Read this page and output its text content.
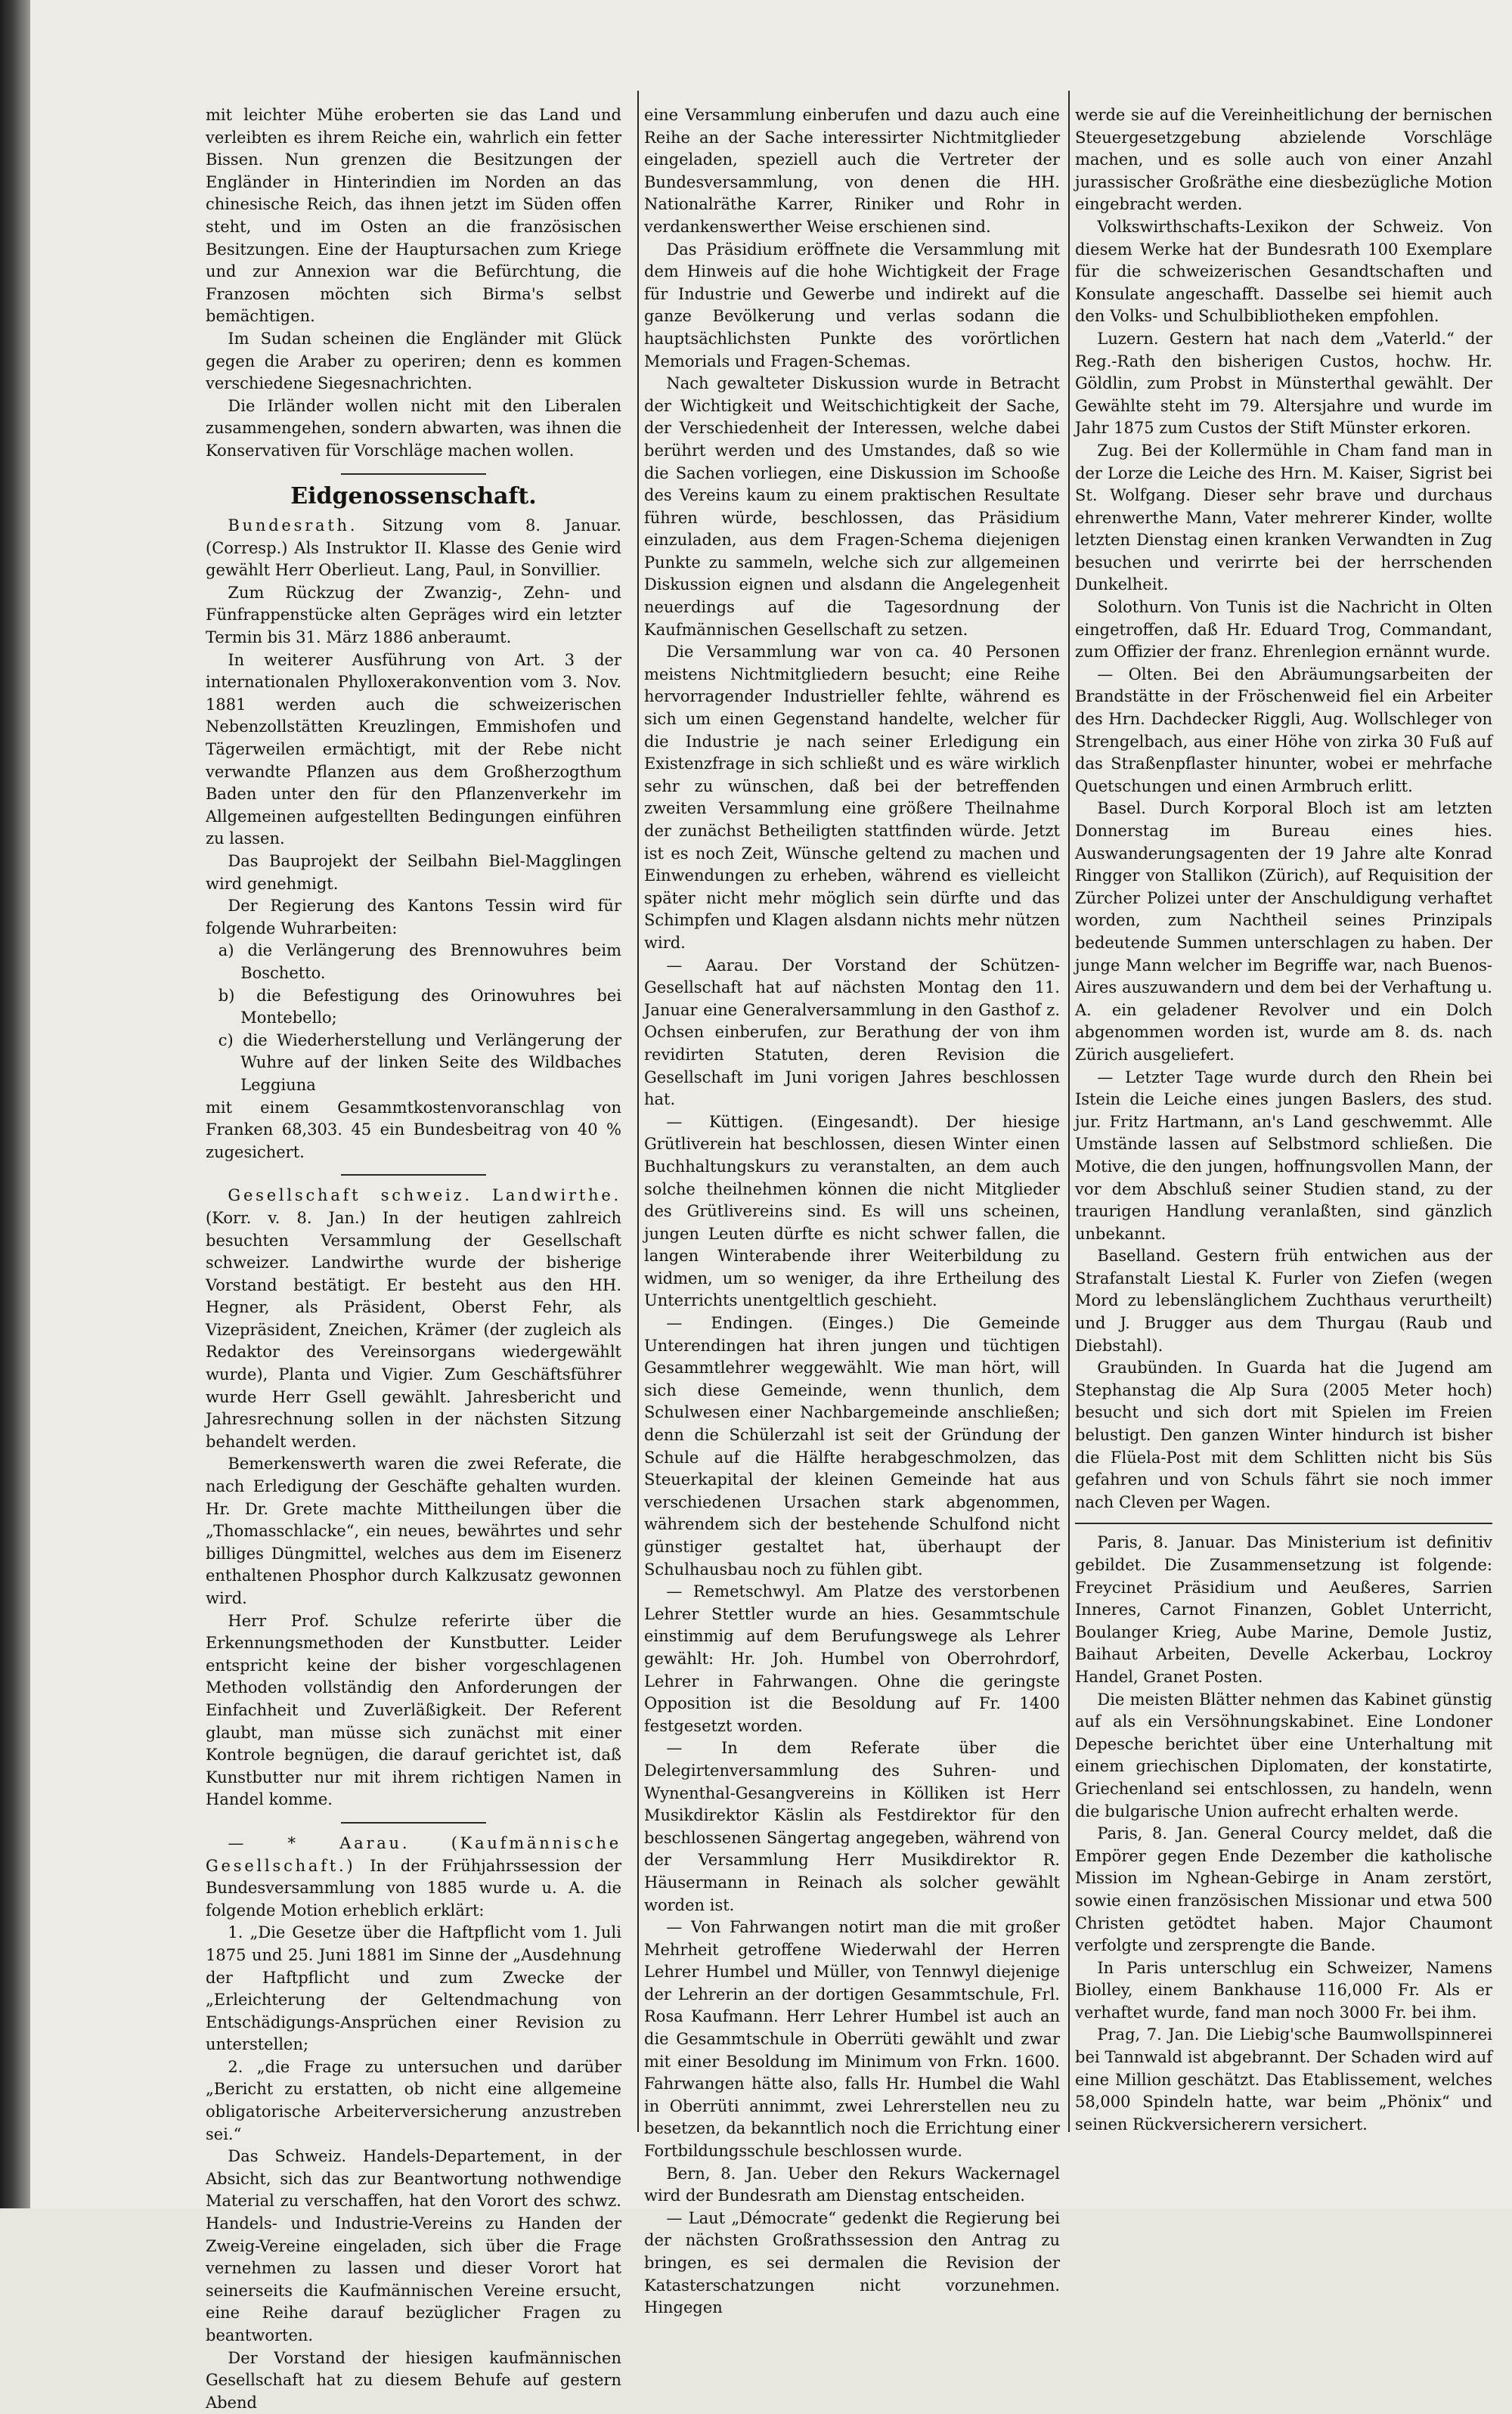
mit leichter Mühe eroberten sie das Land und verleibten es ihrem Reiche ein, wahrlich ein fetter Bissen. Nun grenzen die Besitzungen der Engländer in Hinterindien im Norden an das chinesische Reich, das ihnen jetzt im Süden offen steht, und im Osten an die französischen Besitzungen. Eine der Hauptursachen zum Kriege und zur Annexion war die Befürchtung, die Franzosen möchten sich Birma's selbst bemächtigen.

Im Sudan scheinen die Engländer mit Glück gegen die Araber zu operiren; denn es kommen verschiedene Siegesnachrichten.

Die Irländer wollen nicht mit den Liberalen zusammengehen, sondern abwarten, was ihnen die Konservativen für Vorschläge machen wollen.

Eidgenossenschaft.

Bundesrath. Sitzung vom 8. Januar. (Corresp.) Als Instruktor II. Klasse des Genie wird gewählt Herr Oberlieut. Lang, Paul, in Sonvillier.

Zum Rückzug der Zwanzig-, Zehn- und Fünfrappenstücke alten Gepräges wird ein letzter Termin bis 31. März 1886 anberaumt.

In weiterer Ausführung von Art. 3 der internationalen Phylloxerakonvention vom 3. Nov. 1881 werden auch die schweizerischen Nebenzollstätten Kreuzlingen, Emmishofen und Tägerweilen ermächtigt, mit der Rebe nicht verwandte Pflanzen aus dem Großherzogthum Baden unter den für den Pflanzenverkehr im Allgemeinen aufgestellten Bedingungen einführen zu lassen.

Das Bauprojekt der Seilbahn Biel-Magglingen wird genehmigt.

Der Regierung des Kantons Tessin wird für folgende Wuhrarbeiten:

a) die Verlängerung des Brennowuhres beim Boschetto.

b) die Befestigung des Orinowuhres bei Montebello;

c) die Wiederherstellung und Verlängerung der Wuhre auf der linken Seite des Wildbaches Leggiuna

mit einem Gesammtkostenvoranschlag von Franken 68,303. 45 ein Bundesbeitrag von 40 % zugesichert.

Gesellschaft schweiz. Landwirthe. (Korr. v. 8. Jan.) In der heutigen zahlreich besuchten Versammlung der Gesellschaft schweizer. Landwirthe wurde der bisherige Vorstand bestätigt. Er besteht aus den HH. Hegner, als Präsident, Oberst Fehr, als Vizepräsident, Zneichen, Krämer (der zugleich als Redaktor des Vereinsorgans wiedergewählt wurde), Planta und Vigier. Zum Geschäftsführer wurde Herr Gsell gewählt. Jahresbericht und Jahresrechnung sollen in der nächsten Sitzung behandelt werden.

Bemerkenswerth waren die zwei Referate, die nach Erledigung der Geschäfte gehalten wurden. Hr. Dr. Grete machte Mittheilungen über die „Thomasschlacke“, ein neues, bewährtes und sehr billiges Düngmittel, welches aus dem im Eisenerz enthaltenen Phosphor durch Kalkzusatz gewonnen wird.

Herr Prof. Schulze referirte über die Erkennungsmethoden der Kunstbutter. Leider entspricht keine der bisher vorgeschlagenen Methoden vollständig den Anforderungen der Einfachheit und Zuverläßigkeit. Der Referent glaubt, man müsse sich zunächst mit einer Kontrole begnügen, die darauf gerichtet ist, daß Kunstbutter nur mit ihrem richtigen Namen in Handel komme.

— * Aarau. (Kaufmännische Gesellschaft.) In der Frühjahrssession der Bundesversammlung von 1885 wurde u. A. die folgende Motion erheblich erklärt:

1. „Die Gesetze über die Haftpflicht vom 1. Juli 1875 und 25. Juni 1881 im Sinne der „Ausdehnung der Haftpflicht und zum Zwecke der „Erleichterung der Geltendmachung von Entschädigungs-Ansprüchen einer Revision zu unterstellen;

2. „die Frage zu untersuchen und darüber „Bericht zu erstatten, ob nicht eine allgemeine obligatorische Arbeiterversicherung anzustreben sei.“

Das Schweiz. Handels-Departement, in der Absicht, sich das zur Beantwortung nothwendige Material zu verschaffen, hat den Vorort des schwz. Handels- und Industrie-Vereins zu Handen der Zweig-Vereine eingeladen, sich über die Frage vernehmen zu lassen und dieser Vorort hat seinerseits die Kaufmännischen Vereine ersucht, eine Reihe darauf bezüglicher Fragen zu beantworten.

Der Vorstand der hiesigen kaufmännischen Gesellschaft hat zu diesem Behufe auf gestern Abend

eine Versammlung einberufen und dazu auch eine Reihe an der Sache interessirter Nichtmitglieder eingeladen, speziell auch die Vertreter der Bundesversammlung, von denen die HH. Nationalräthe Karrer, Riniker und Rohr in verdankenswerther Weise erschienen sind.

Das Präsidium eröffnete die Versammlung mit dem Hinweis auf die hohe Wichtigkeit der Frage für Industrie und Gewerbe und indirekt auf die ganze Bevölkerung und verlas sodann die hauptsächlichsten Punkte des vorörtlichen Memorials und Fragen-Schemas.

Nach gewalteter Diskussion wurde in Betracht der Wichtigkeit und Weitschichtigkeit der Sache, der Verschiedenheit der Interessen, welche dabei berührt werden und des Umstandes, daß so wie die Sachen vorliegen, eine Diskussion im Schooße des Vereins kaum zu einem praktischen Resultate führen würde, beschlossen, das Präsidium einzuladen, aus dem Fragen-Schema diejenigen Punkte zu sammeln, welche sich zur allgemeinen Diskussion eignen und alsdann die Angelegenheit neuerdings auf die Tagesordnung der Kaufmännischen Gesellschaft zu setzen.

Die Versammlung war von ca. 40 Personen meistens Nichtmitgliedern besucht; eine Reihe hervorragender Industrieller fehlte, während es sich um einen Gegenstand handelte, welcher für die Industrie je nach seiner Erledigung ein Existenzfrage in sich schließt und es wäre wirklich sehr zu wünschen, daß bei der betreffenden zweiten Versammlung eine größere Theilnahme der zunächst Betheiligten stattfinden würde. Jetzt ist es noch Zeit, Wünsche geltend zu machen und Einwendungen zu erheben, während es vielleicht später nicht mehr möglich sein dürfte und das Schimpfen und Klagen alsdann nichts mehr nützen wird.

— Aarau. Der Vorstand der Schützen-Gesellschaft hat auf nächsten Montag den 11. Januar eine Generalversammlung in den Gasthof z. Ochsen einberufen, zur Berathung der von ihm revidirten Statuten, deren Revision die Gesellschaft im Juni vorigen Jahres beschlossen hat.

— Küttigen. (Eingesandt). Der hiesige Grütliverein hat beschlossen, diesen Winter einen Buchhaltungskurs zu veranstalten, an dem auch solche theilnehmen können die nicht Mitglieder des Grütlivereins sind. Es will uns scheinen, jungen Leuten dürfte es nicht schwer fallen, die langen Winterabende ihrer Weiterbildung zu widmen, um so weniger, da ihre Ertheilung des Unterrichts unentgeltlich geschieht.

— Endingen. (Einges.) Die Gemeinde Unterendingen hat ihren jungen und tüchtigen Gesammtlehrer weggewählt. Wie man hört, will sich diese Gemeinde, wenn thunlich, dem Schulwesen einer Nachbargemeinde anschließen; denn die Schülerzahl ist seit der Gründung der Schule auf die Hälfte herabgeschmolzen, das Steuerkapital der kleinen Gemeinde hat aus verschiedenen Ursachen stark abgenommen, währendem sich der bestehende Schulfond nicht günstiger gestaltet hat, überhaupt der Schulhausbau noch zu fühlen gibt.

— Remetschwyl. Am Platze des verstorbenen Lehrer Stettler wurde an hies. Gesammtschule einstimmig auf dem Berufungswege als Lehrer gewählt: Hr. Joh. Humbel von Oberrohrdorf, Lehrer in Fahrwangen. Ohne die geringste Opposition ist die Besoldung auf Fr. 1400 festgesetzt worden.

— In dem Referate über die Delegirtenversammlung des Suhren- und Wynenthal-Gesangvereins in Kölliken ist Herr Musikdirektor Käslin als Festdirektor für den beschlossenen Sängertag angegeben, während von der Versammlung Herr Musikdirektor R. Häusermann in Reinach als solcher gewählt worden ist.

— Von Fahrwangen notirt man die mit großer Mehrheit getroffene Wiederwahl der Herren Lehrer Humbel und Müller, von Tennwyl diejenige der Lehrerin an der dortigen Gesammtschule, Frl. Rosa Kaufmann. Herr Lehrer Humbel ist auch an die Gesammtschule in Oberrüti gewählt und zwar mit einer Besoldung im Minimum von Frkn. 1600. Fahrwangen hätte also, falls Hr. Humbel die Wahl in Oberrüti annimmt, zwei Lehrerstellen neu zu besetzen, da bekanntlich noch die Errichtung einer Fortbildungsschule beschlossen wurde.

Bern, 8. Jan. Ueber den Rekurs Wackernagel wird der Bundesrath am Dienstag entscheiden.

— Laut „Démocrate“ gedenkt die Regierung bei der nächsten Großrathssession den Antrag zu bringen, es sei dermalen die Revision der Katasterschatzungen nicht vorzunehmen. Hingegen

werde sie auf die Vereinheitlichung der bernischen Steuergesetzgebung abzielende Vorschläge machen, und es solle auch von einer Anzahl jurassischer Großräthe eine diesbezügliche Motion eingebracht werden.

Volkswirthschafts-Lexikon der Schweiz. Von diesem Werke hat der Bundesrath 100 Exemplare für die schweizerischen Gesandtschaften und Konsulate angeschafft. Dasselbe sei hiemit auch den Volks- und Schulbibliotheken empfohlen.

Luzern. Gestern hat nach dem „Vaterld.“ der Reg.-Rath den bisherigen Custos, hochw. Hr. Göldlin, zum Probst in Münsterthal gewählt. Der Gewählte steht im 79. Altersjahre und wurde im Jahr 1875 zum Custos der Stift Münster erkoren.

Zug. Bei der Kollermühle in Cham fand man in der Lorze die Leiche des Hrn. M. Kaiser, Sigrist bei St. Wolfgang. Dieser sehr brave und durchaus ehrenwerthe Mann, Vater mehrerer Kinder, wollte letzten Dienstag einen kranken Verwandten in Zug besuchen und verirrte bei der herrschenden Dunkelheit.

Solothurn. Von Tunis ist die Nachricht in Olten eingetroffen, daß Hr. Eduard Trog, Commandant, zum Offizier der franz. Ehrenlegion ernännt wurde.

— Olten. Bei den Abräumungsarbeiten der Brandstätte in der Fröschenweid fiel ein Arbeiter des Hrn. Dachdecker Riggli, Aug. Wollschleger von Strengelbach, aus einer Höhe von zirka 30 Fuß auf das Straßenpflaster hinunter, wobei er mehrfache Quetschungen und einen Armbruch erlitt.

Basel. Durch Korporal Bloch ist am letzten Donnerstag im Bureau eines hies. Auswanderungsagenten der 19 Jahre alte Konrad Ringger von Stallikon (Zürich), auf Requisition der Zürcher Polizei unter der Anschuldigung verhaftet worden, zum Nachtheil seines Prinzipals bedeutende Summen unterschlagen zu haben. Der junge Mann welcher im Begriffe war, nach Buenos-Aires auszuwandern und dem bei der Verhaftung u. A. ein geladener Revolver und ein Dolch abgenommen worden ist, wurde am 8. ds. nach Zürich ausgeliefert.

— Letzter Tage wurde durch den Rhein bei Istein die Leiche eines jungen Baslers, des stud. jur. Fritz Hartmann, an's Land geschwemmt. Alle Umstände lassen auf Selbstmord schließen. Die Motive, die den jungen, hoffnungsvollen Mann, der vor dem Abschluß seiner Studien stand, zu der traurigen Handlung veranlaßten, sind gänzlich unbekannt.

Baselland. Gestern früh entwichen aus der Strafanstalt Liestal K. Furler von Ziefen (wegen Mord zu lebenslänglichem Zuchthaus verurtheilt) und J. Brugger aus dem Thurgau (Raub und Diebstahl).

Graubünden. In Guarda hat die Jugend am Stephanstag die Alp Sura (2005 Meter hoch) besucht und sich dort mit Spielen im Freien belustigt. Den ganzen Winter hindurch ist bisher die Flüela-Post mit dem Schlitten nicht bis Süs gefahren und von Schuls fährt sie noch immer nach Cleven per Wagen.

Paris, 8. Januar. Das Ministerium ist definitiv gebildet. Die Zusammensetzung ist folgende: Freycinet Präsidium und Aeußeres, Sarrien Inneres, Carnot Finanzen, Goblet Unterricht, Boulanger Krieg, Aube Marine, Demole Justiz, Baihaut Arbeiten, Develle Ackerbau, Lockroy Handel, Granet Posten.

Die meisten Blätter nehmen das Kabinet günstig auf als ein Versöhnungskabinet. Eine Londoner Depesche berichtet über eine Unterhaltung mit einem griechischen Diplomaten, der konstatirte, Griechenland sei entschlossen, zu handeln, wenn die bulgarische Union aufrecht erhalten werde.

Paris, 8. Jan. General Courcy meldet, daß die Empörer gegen Ende Dezember die katholische Mission im Nghean-Gebirge in Anam zerstört, sowie einen französischen Missionar und etwa 500 Christen getödtet haben. Major Chaumont verfolgte und zersprengte die Bande.

In Paris unterschlug ein Schweizer, Namens Biolley, einem Bankhause 116,000 Fr. Als er verhaftet wurde, fand man noch 3000 Fr. bei ihm.

Prag, 7. Jan. Die Liebig'sche Baumwollspinnerei bei Tannwald ist abgebrannt. Der Schaden wird auf eine Million geschätzt. Das Etablissement, welches 58,000 Spindeln hatte, war beim „Phönix“ und seinen Rückversicherern versichert.
